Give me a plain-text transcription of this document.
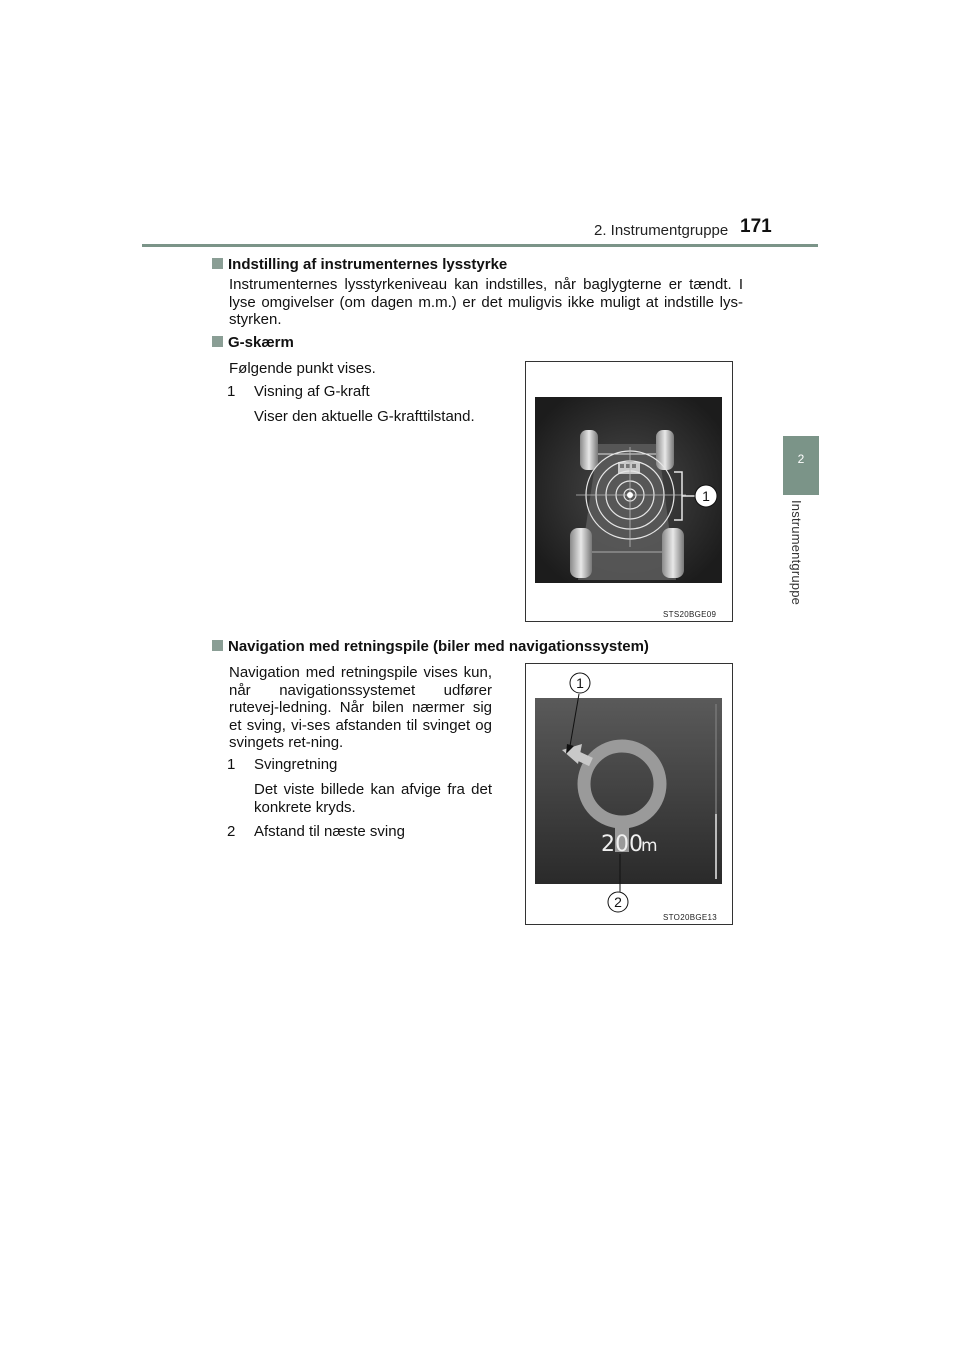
2. Instrumentgruppe 171
2
Instrumentgruppe
Indstilling af instrumenternes lysstyrke
Instrumenternes lysstyrkeniveau kan indstilles, når baglygterne er tændt. I lyse omgivelser (om dagen m.m.) er det muligvis ikke muligt at indstille lys-styrken.
G-skærm
Følgende punkt vises.
1 Visning af G-kraft
Viser den aktuelle G-krafttilstand.
1
STS20BGE09
Navigation med retningspile (biler med navigationssystem)
Navigation med retningspile vises kun, når navigationssystemet udfører rutevej-ledning. Når bilen nærmer sig et sving, vi-ses afstanden til svinget og svingets ret-ning.
1 Svingretning
Det viste billede kan afvige fra det konkrete kryds.
2 Afstand til næste sving
200
m
1
2
STO20BGE13
